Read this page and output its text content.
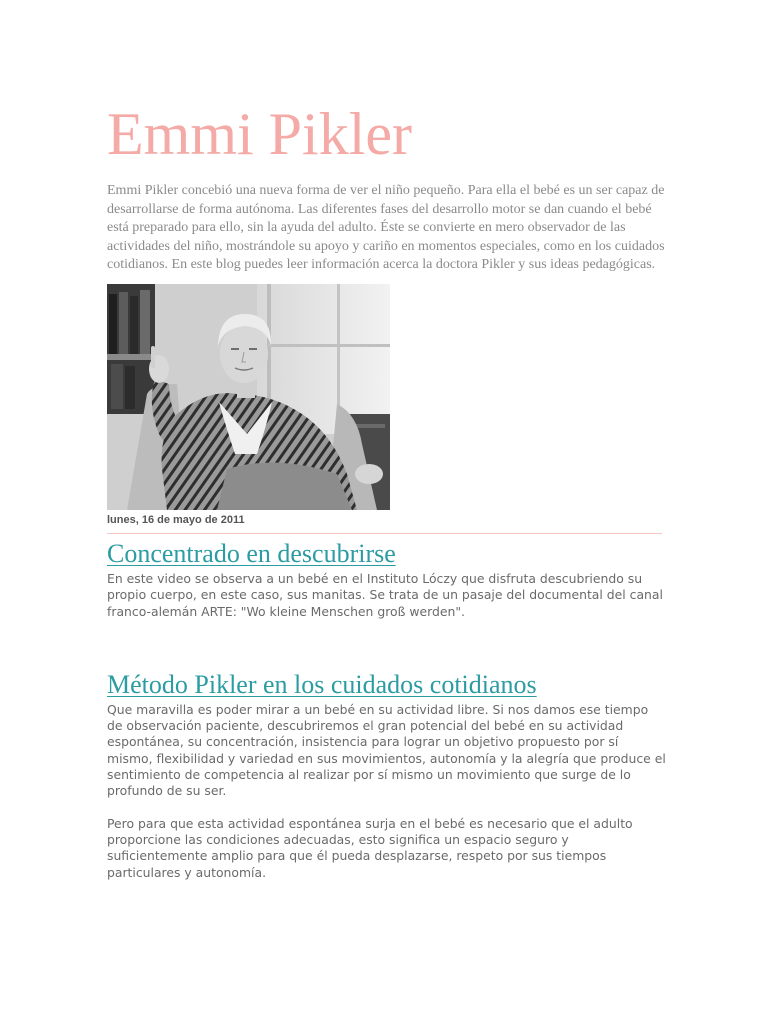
Emmi Pikler

Emmi Pikler concebió una nueva forma de ver el niño pequeño. Para ella el bebé es un ser capaz de desarrollarse de forma autónoma. Las diferentes fases del desarrollo motor se dan cuando el bebé está preparado para ello, sin la ayuda del adulto. Éste se convierte en mero observador de las actividades del niño, mostrándole su apoyo y cariño en momentos especiales, como en los cuidados cotidianos. En este blog puedes leer información acerca la doctora Pikler y sus ideas pedagógicas.

lunes, 16 de mayo de 2011
Concentrado en descubrirse

En este video se observa a un bebé en el Instituto Lóczy que disfruta descubriendo su propio cuerpo, en este caso, sus manitas. Se trata de un pasaje del documental del canal franco-alemán ARTE: "Wo kleine Menschen groß werden".

Método Pikler en los cuidados cotidianos

Que maravilla es poder mirar a un bebé en su actividad libre. Si nos damos ese tiempo de observación paciente, descubriremos el gran potencial del bebé en su actividad espontánea, su concentración, insistencia para lograr un objetivo propuesto por sí mismo, flexibilidad y variedad en sus movimientos, autonomía y la alegría que produce el sentimiento de competencia al realizar por sí mismo un movimiento que surge de lo profundo de su ser.

Pero para que esta actividad espontánea surja en el bebé es necesario que el adulto proporcione las condiciones adecuadas, esto significa un espacio seguro y suficientemente amplio para que él pueda desplazarse, respeto por sus tiempos particulares y autonomía.
